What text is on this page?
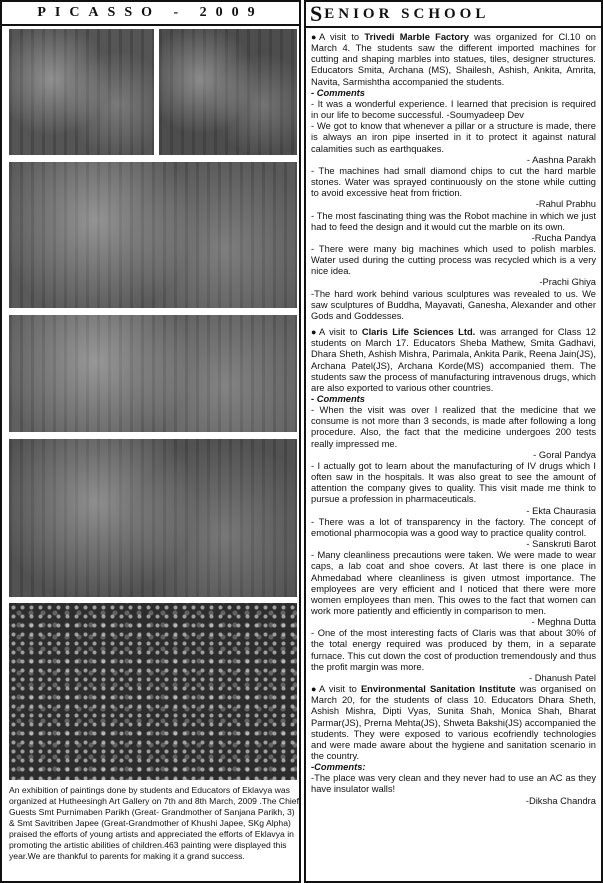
PICASSO - 2009
An exhibition of paintings done by students and Educators of Eklavya was organized at Hutheesingh Art Gallery on 7th and 8th March, 2009 .The Chief Guests Smt Purnimaben Parikh (Great- Grandmother of Sanjana Parikh, 3) & Smt Savitriben Japee (Great-Grandmother of Khushi Japee, SKg Alpha) praised the efforts of young artists and appreciated the efforts of Eklavya in promoting the artistic abilities of children.463 painting were displayed this year.We are thankful to parents for making it a grand success.
S ENIOR SCHOOL

● A visit to Trivedi Marble Factory was organized for Cl.10 on March 4. The students saw the different imported machines for cutting and shaping marbles into statues, tiles, designer structures. Educators Smita, Archana (MS), Shailesh, Ashish, Ankita, Amrita, Navita, Sarmishtha accompanied the students.

- Comments

- It was a wonderful experience. I learned that precision is required in our life to become successful. -Soumyadeep Dev

- We got to know that whenever a pillar or a structure is made, there is always an iron pipe inserted in it to protect it against natural calamities such as earthquakes.

- Aashna Parakh

- The machines had small diamond chips to cut the hard marble stones. Water was sprayed continuously on the stone while cutting to avoid excessive heat from friction.

-Rahul Prabhu

- The most fascinating thing was the Robot machine in which we just had to feed the design and it would cut the marble on its own.

-Rucha Pandya

- There were many big machines which used to polish marbles. Water used during the cutting process was recycled which is a very nice idea.

-Prachi Ghiya

-The hard work behind various sculptures was revealed to us. We saw sculptures of Buddha, Mayavati, Ganesha, Alexander and other Gods and Goddesses.

● A visit to Claris Life Sciences Ltd. was arranged for Class 12 students on March 17. Educators Sheba Mathew, Smita Gadhavi, Dhara Sheth, Ashish Mishra, Parimala, Ankita Parik, Reena Jain(JS), Archana Patel(JS), Archana Korde(MS) accompanied them. The students saw the process of manufacturing intravenous drugs, which are also exported to various other countries.

- Comments

- When the visit was over I realized that the medicine that we consume is not more than 3 seconds, is made after following a long procedure. Also, the fact that the medicine undergoes 200 tests really impressed me.

- Goral Pandya

- I actually got to learn about the manufacturing of IV drugs which I often saw in the hospitals. It was also great to see the amount of attention the company gives to quality. This visit made me think to pursue a profession in pharmaceuticals.

- Ekta Chaurasia

- There was a lot of transparency in the factory. The concept of emotional pharmocopia was a good way to practice quality control.

- Sanskruti Barot

- Many cleanliness precautions were taken. We were made to wear caps, a lab coat and shoe covers. At last there is one place in Ahmedabad where cleanliness is given utmost importance. The employees are very efficient and I noticed that there were more women employees than men. This owes to the fact that women can work more patiently and efficiently in comparison to men.

- Meghna Dutta

- One of the most interesting facts of Claris was that about 30% of the total energy required was produced by them, in a separate furnace. This cut down the cost of production tremendously and thus the profit margin was more.

- Dhanush Patel

● A visit to Environmental Sanitation Institute was organised on March 20, for the students of class 10. Educators Dhara Sheth, Ashish Mishra, Dipti Vyas, Sunita Shah, Monica Shah, Bharat Parmar(JS), Prerna Mehta(JS), Shweta Bakshi(JS) accompanied the students. They were exposed to various ecofriendly technologies and were made aware about the hygiene and sanitation scenario in the country.

-Comments:

-The place was very clean and they never had to use an AC as they have insulator walls!

-Diksha Chandra
